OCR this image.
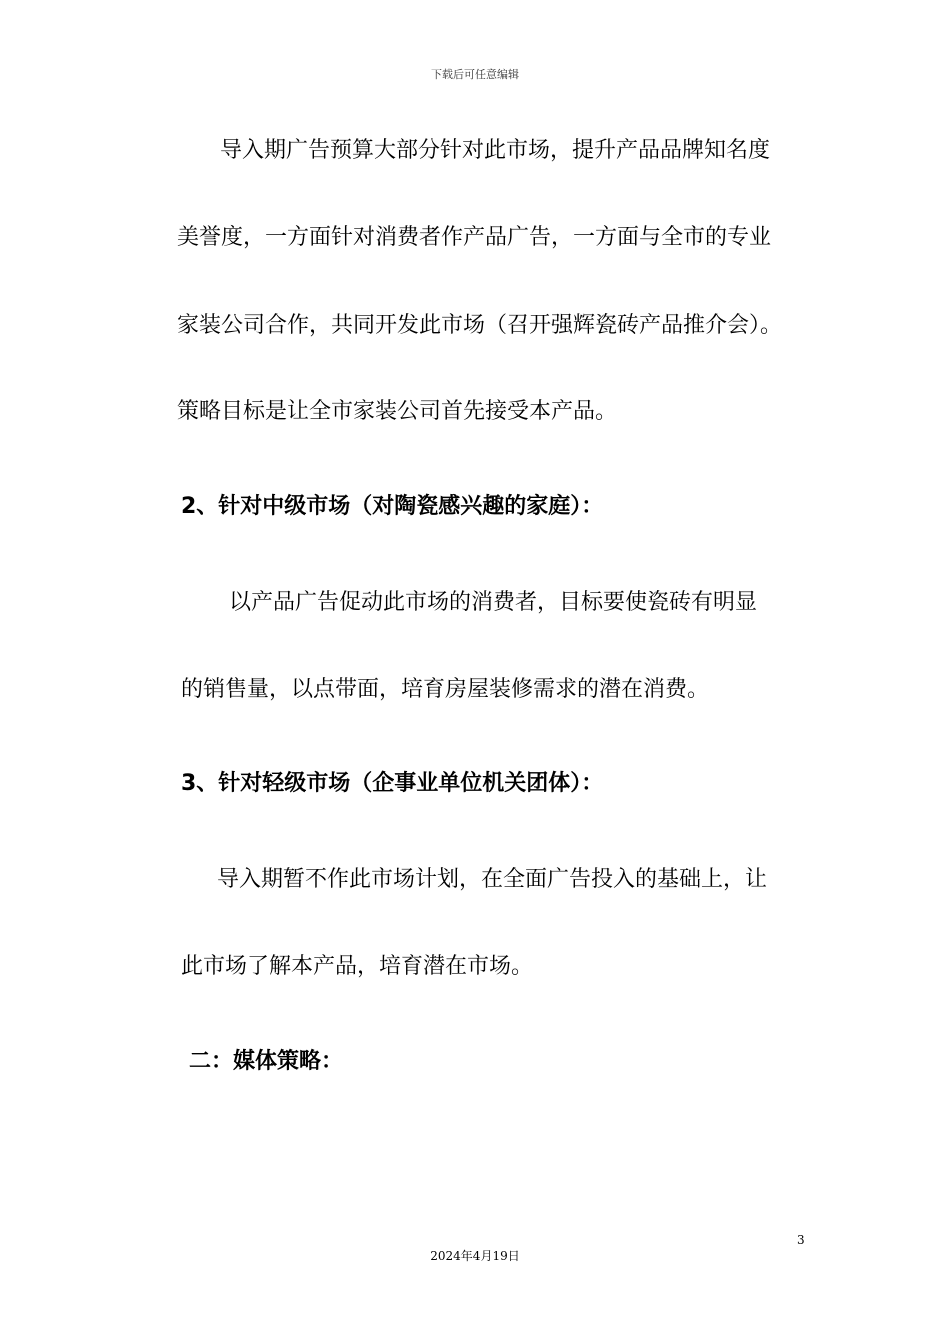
下载后可任意编辑
导入期广告预算大部分针对此市场，提升产品品牌知名度
美誉度，一方面针对消费者作产品广告，一方面与全市的专业
家装公司合作，共同开发此市场（召开强辉瓷砖产品推介会）。
策略目标是让全市家装公司首先接受本产品。
2、针对中级市场（对陶瓷感兴趣的家庭）：
以产品广告促动此市场的消费者，目标要使瓷砖有明显
的销售量，以点带面，培育房屋装修需求的潜在消费。
3、针对轻级市场（企事业单位机关团体）：
导入期暂不作此市场计划，在全面广告投入的基础上，让
此市场了解本产品，培育潜在市场。
二：媒体策略：
3
2024年4月19日
